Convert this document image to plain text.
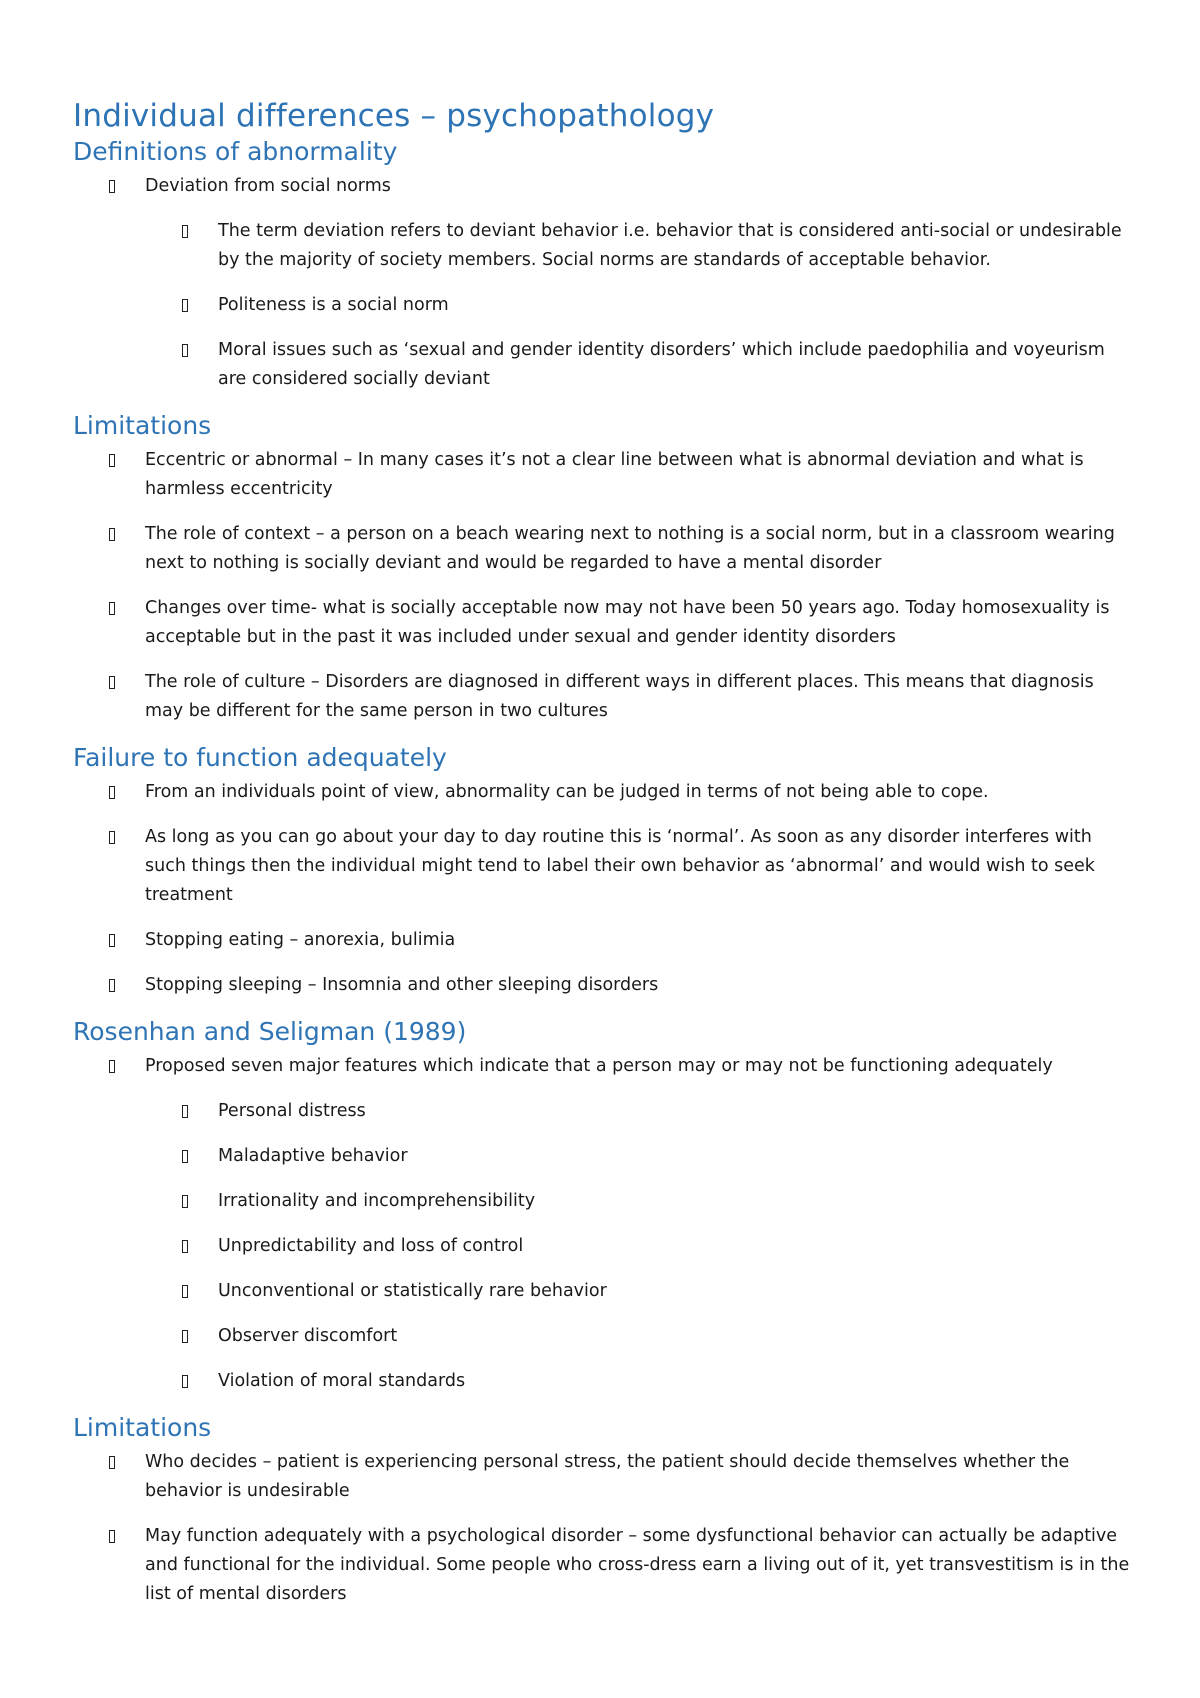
Individual differences – psychopathology
Definitions of abnormality
Deviation from social norms
The term deviation refers to deviant behavior i.e. behavior that is considered anti-social or undesirable by the majority of society members. Social norms are standards of acceptable behavior.
Politeness is a social norm
Moral issues such as ‘sexual and gender identity disorders’ which include paedophilia and voyeurism are considered socially deviant
Limitations
Eccentric or abnormal – In many cases it’s not a clear line between what is abnormal deviation and what is harmless eccentricity
The role of context – a person on a beach wearing next to nothing is a social norm, but in a classroom wearing next to nothing is socially deviant and would be regarded to have a mental disorder
Changes over time- what is socially acceptable now may not have been 50 years ago. Today homosexuality is acceptable but in the past it was included under sexual and gender identity disorders
The role of culture – Disorders are diagnosed in different ways in different places. This means that diagnosis may be different for the same person in two cultures
Failure to function adequately
From an individuals point of view, abnormality can be judged in terms of not being able to cope.
As long as you can go about your day to day routine this is ‘normal’. As soon as any disorder interferes with such things then the individual might tend to label their own behavior as ‘abnormal’ and would wish to seek treatment
Stopping eating – anorexia, bulimia
Stopping sleeping – Insomnia and other sleeping disorders
Rosenhan and Seligman (1989)
Proposed seven major features which indicate that a person may or may not be functioning adequately
Personal distress
Maladaptive behavior
Irrationality and incomprehensibility
Unpredictability and loss of control
Unconventional or statistically rare behavior
Observer discomfort
Violation of moral standards
Limitations
Who decides – patient is experiencing personal stress, the patient should decide themselves whether the behavior is undesirable
May function adequately with a psychological disorder – some dysfunctional behavior can actually be adaptive and functional for the individual. Some people who cross-dress earn a living out of it, yet transvestitism is in the list of mental disorders
